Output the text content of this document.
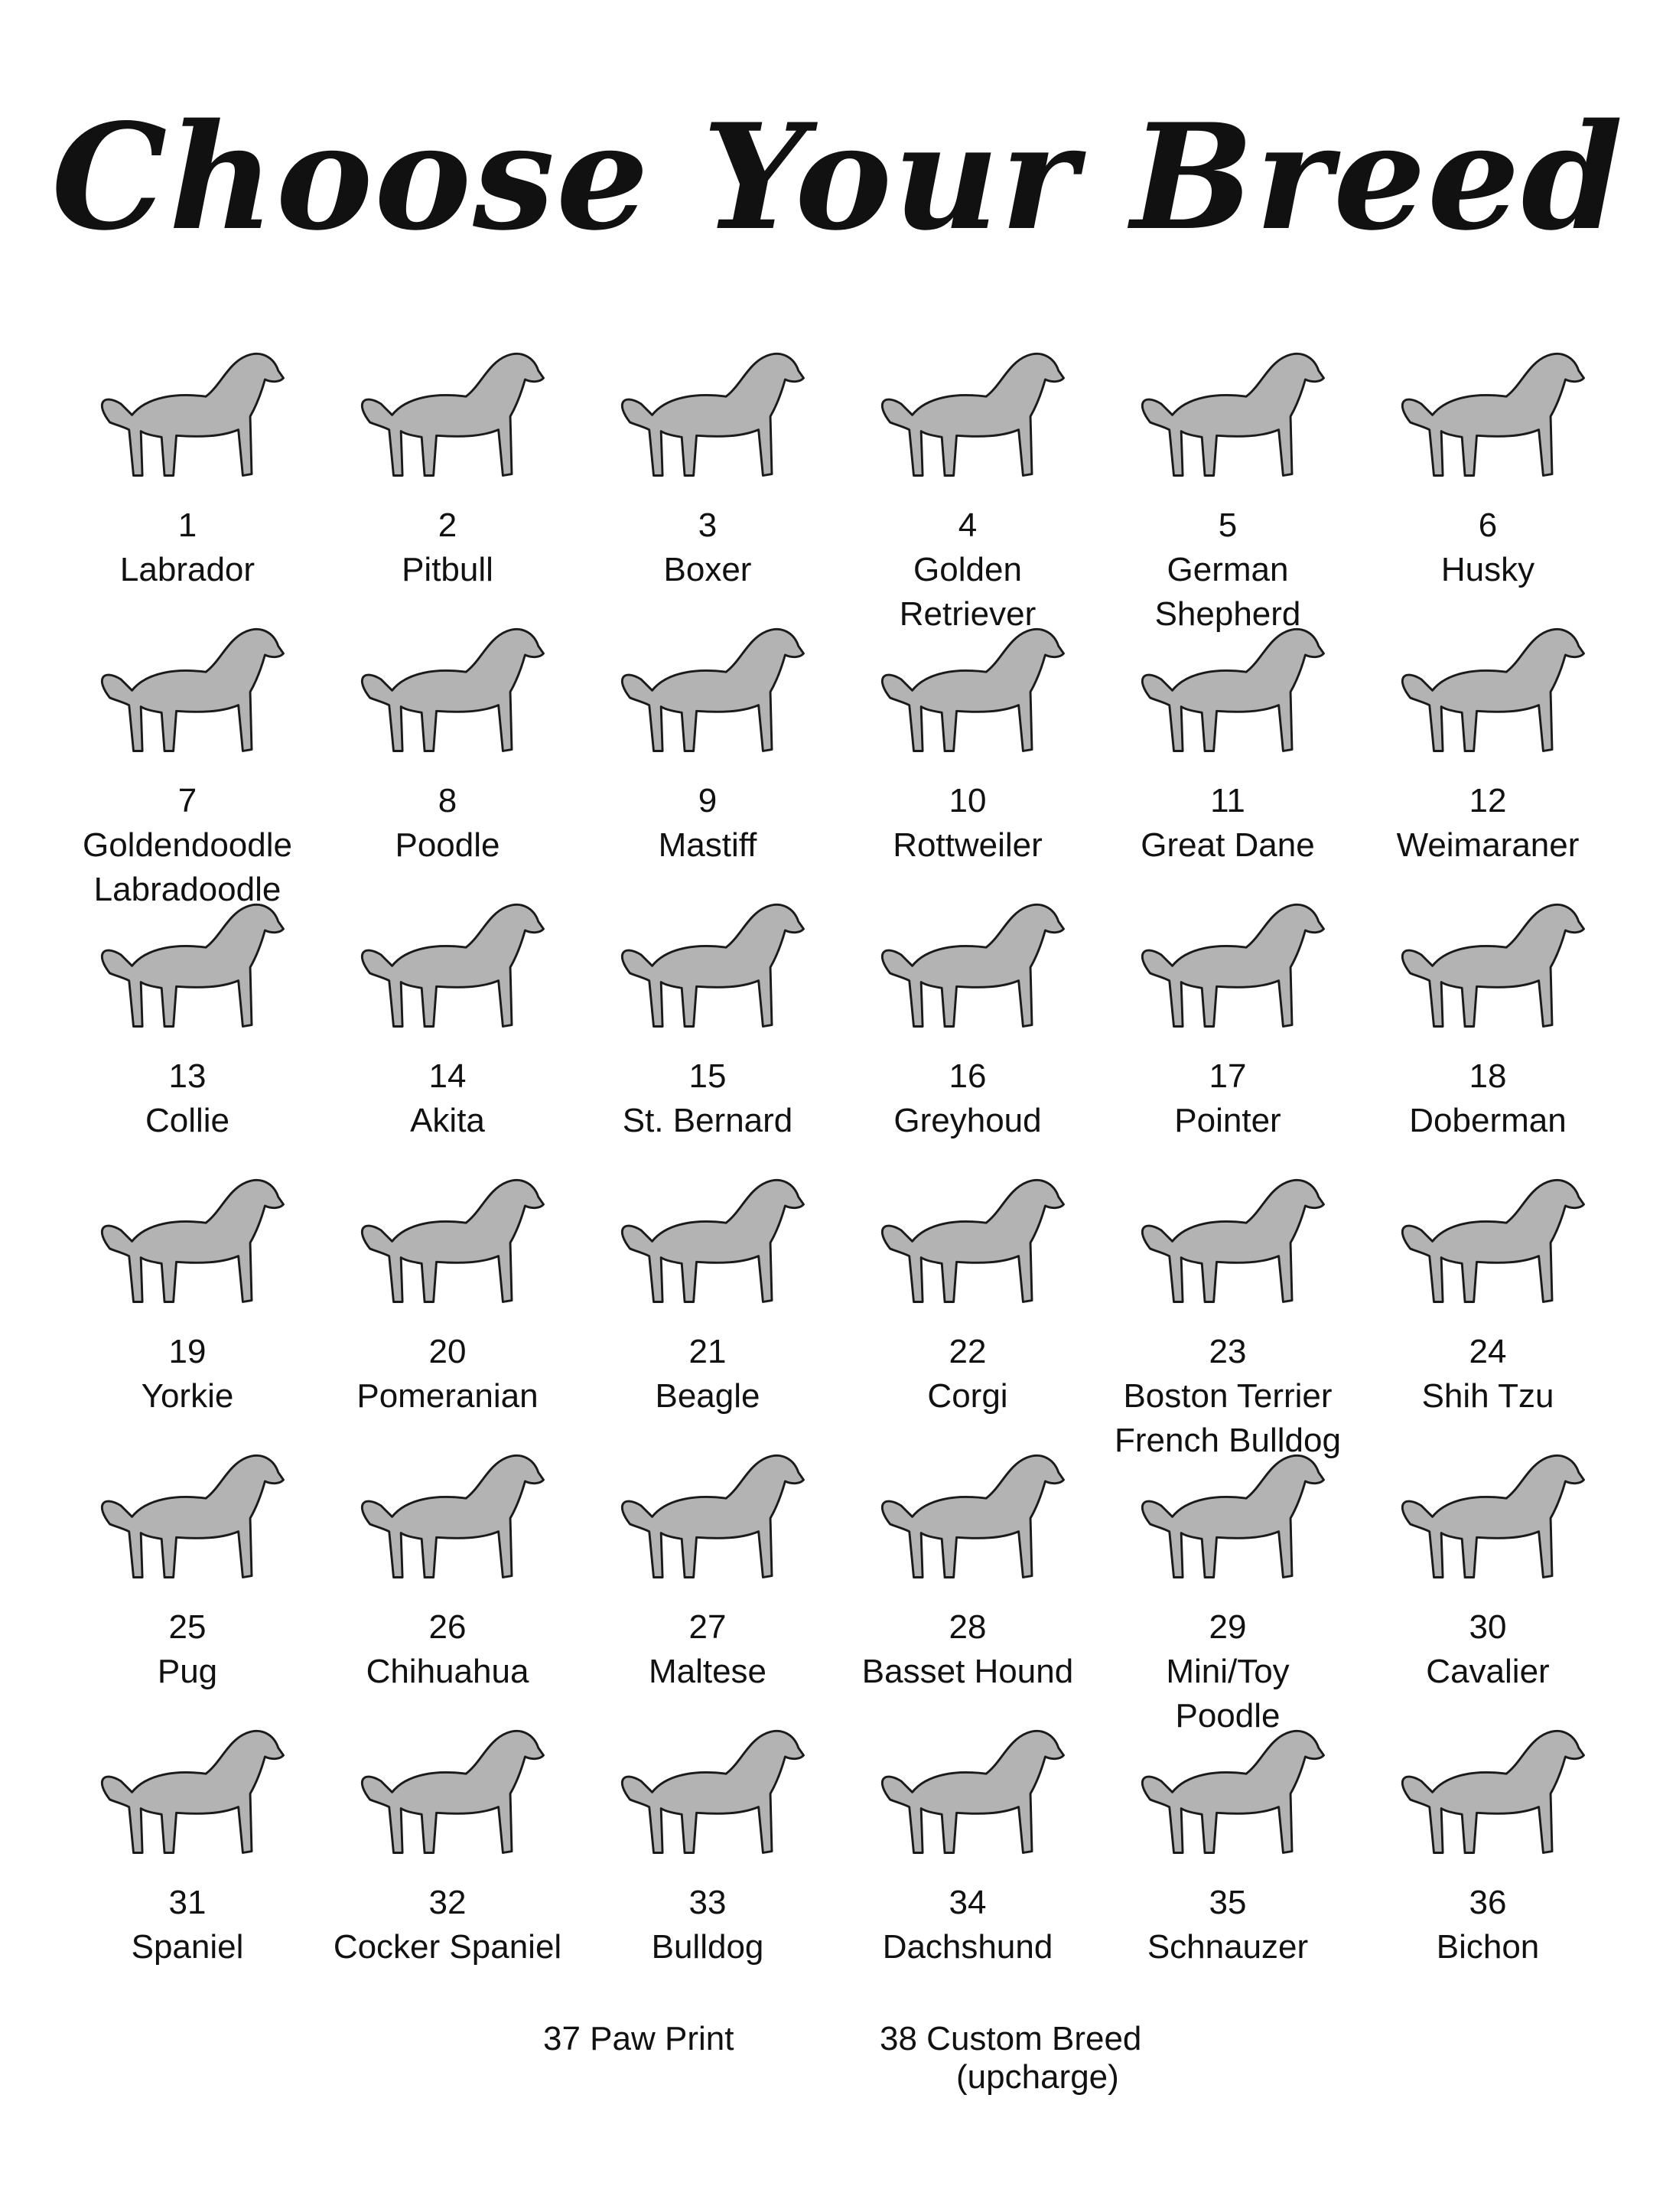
Choose Your Breed
1
Labrador
2
Pitbull
3
Boxer
4
Golden
Retriever
5
German
Shepherd
6
Husky
7
Goldendoodle
Labradoodle
8
Poodle
9
Mastiff
10
Rottweiler
11
Great Dane
12
Weimaraner
13
Collie
14
Akita
15
St. Bernard
16
Greyhoud
17
Pointer
18
Doberman
19
Yorkie
20
Pomeranian
21
Beagle
22
Corgi
23
Boston Terrier
French Bulldog
24
Shih Tzu
25
Pug
26
Chihuahua
27
Maltese
28
Basset Hound
29
Mini/Toy
Poodle
30
Cavalier
31
Spaniel
32
Cocker Spaniel
33
Bulldog
34
Dachshund
35
Schnauzer
36
Bichon
37 Paw Print	38 Custom Breed
(upcharge)
